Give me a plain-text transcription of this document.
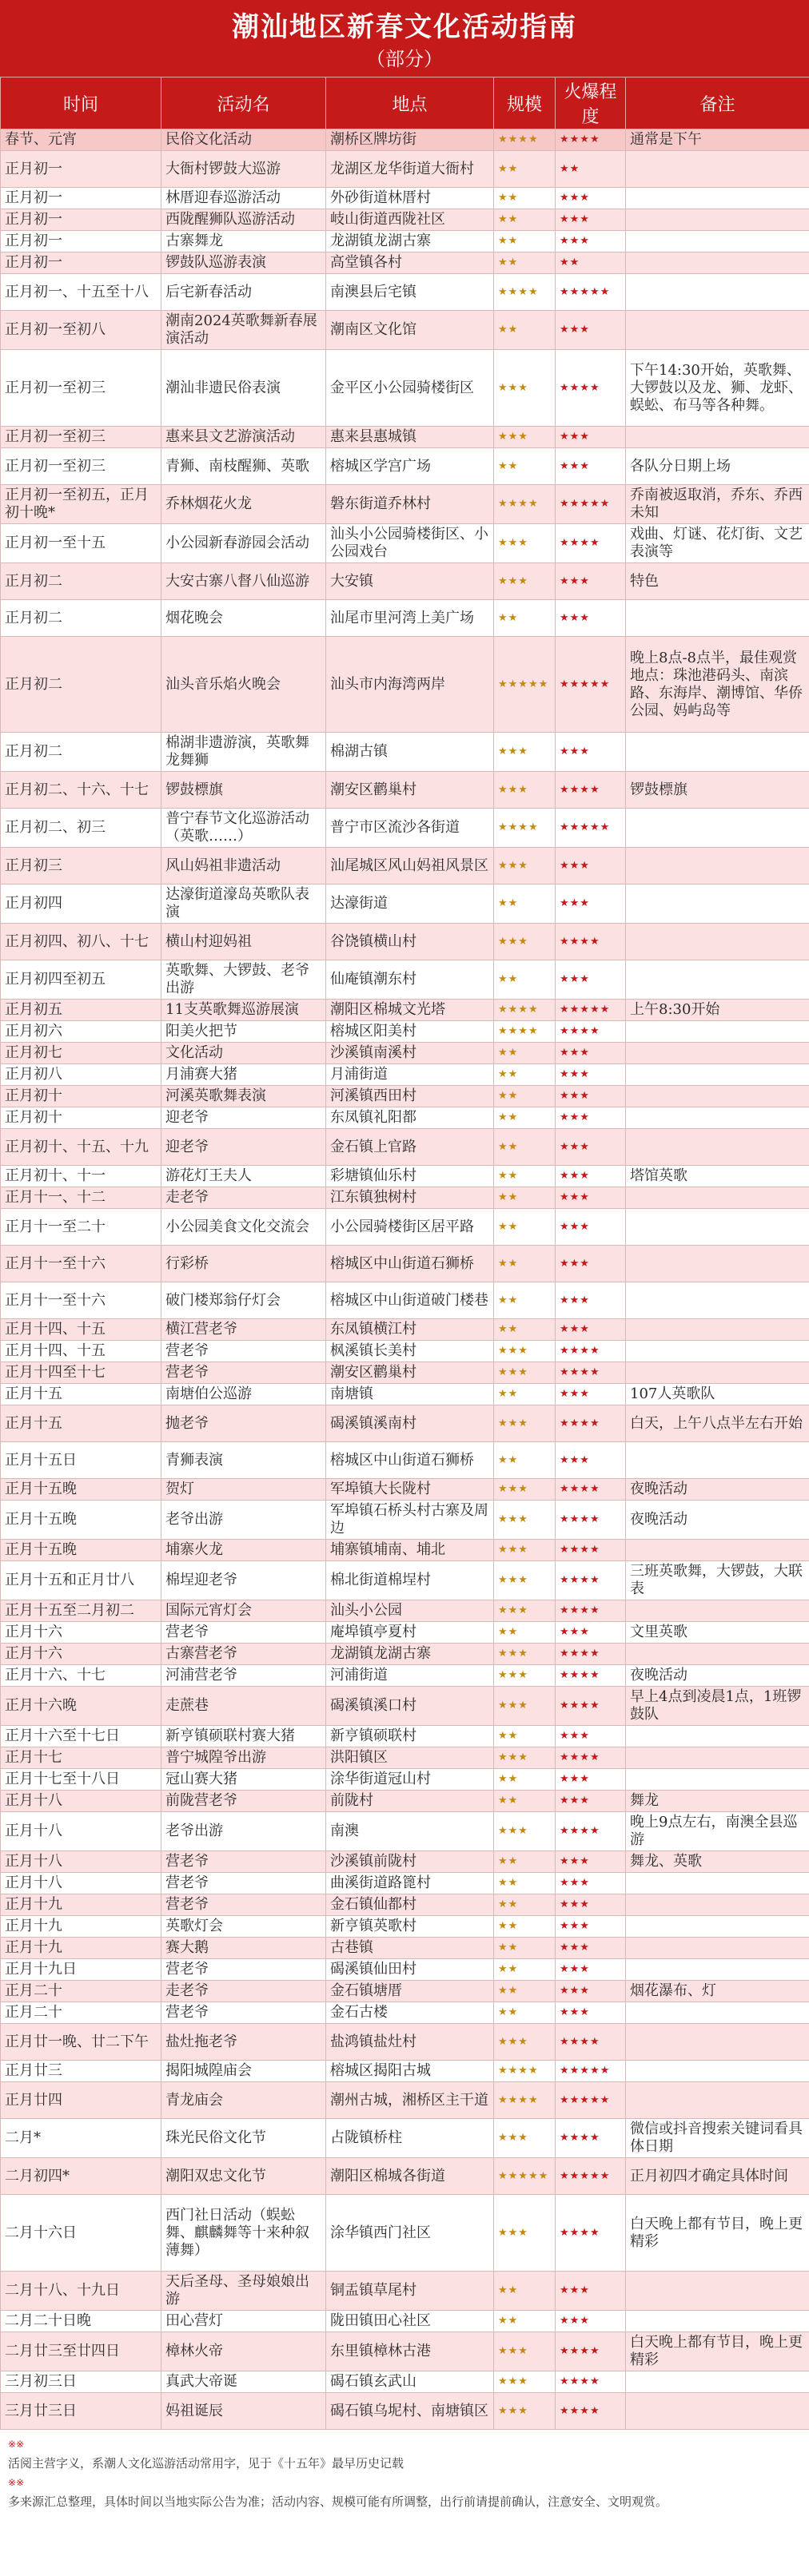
潮汕地区新春文化活动指南
（部分）
时间	活动名	地点	规模	火爆程度	备注
春节、元宵	民俗文化活动	潮桥区牌坊街	★★★★	★★★★	通常是下午
正月初一	大衙村锣鼓大巡游	龙湖区龙华街道大衙村	★★	★★	
正月初一	林厝迎春巡游活动	外砂街道林厝村	★★	★★★	
正月初一	西陇醒狮队巡游活动	岐山街道西陇社区	★★	★★★	
正月初一	古寨舞龙	龙湖镇龙湖古寨	★★	★★★	
正月初一	锣鼓队巡游表演	高堂镇各村	★★	★★	
正月初一、十五至十八	后宅新春活动	南澳县后宅镇	★★★★	★★★★★	
正月初一至初八	潮南2024英歌舞新春展演活动	潮南区文化馆	★★	★★★	
正月初一至初三	潮汕非遗民俗表演	金平区小公园骑楼街区	★★★	★★★★	下午14:30开始，英歌舞、大锣鼓以及龙、狮、龙虾、蜈蚣、布马等各种舞。
正月初一至初三	惠来县文艺游演活动	惠来县惠城镇	★★★	★★★	
正月初一至初三	青狮、南枝醒狮、英歌	榕城区学宫广场	★★	★★★	各队分日期上场
正月初一至初五，正月初十晚*	乔林烟花火龙	磐东街道乔林村	★★★★	★★★★★	乔南被返取消，乔东、乔西未知
正月初一至十五	小公园新春游园会活动	汕头小公园骑楼街区、小公园戏台	★★★	★★★★	戏曲、灯谜、花灯街、文艺表演等
正月初二	大安古寨八督八仙巡游	大安镇	★★★	★★★	特色
正月初二	烟花晚会	汕尾市里河湾上美广场	★★	★★★	
正月初二	汕头音乐焰火晚会	汕头市内海湾两岸	★★★★★	★★★★★	晚上8点-8点半，最佳观赏地点：珠池港码头、南滨路、东海岸、潮博馆、华侨公园、妈屿岛等
正月初二	棉湖非遗游演，英歌舞龙舞狮	棉湖古镇	★★★	★★★	
正月初二、十六、十七	锣鼓標旗	潮安区鹳巢村	★★★	★★★★	锣鼓標旗
正月初二、初三	普宁春节文化巡游活动（英歌……）	普宁市区流沙各街道	★★★★	★★★★★	
正月初三	风山妈祖非遗活动	汕尾城区风山妈祖风景区	★★★	★★★	
正月初四	达濠街道濠岛英歌队表演	达濠街道	★★	★★★	
正月初四、初八、十七	横山村迎妈祖	谷饶镇横山村	★★★	★★★★	
正月初四至初五	英歌舞、大锣鼓、老爷出游	仙庵镇潮东村	★★	★★★	
正月初五	11支英歌舞巡游展演	潮阳区棉城文光塔	★★★★	★★★★★	上午8:30开始
正月初六	阳美火把节	榕城区阳美村	★★★★	★★★★	
正月初七	文化活动	沙溪镇南溪村	★★	★★★	
正月初八	月浦赛大猪	月浦街道	★★	★★★	
正月初十	河溪英歌舞表演	河溪镇西田村	★★	★★★	
正月初十	迎老爷	东凤镇礼阳都	★★	★★★	
正月初十、十五、十九	迎老爷	金石镇上官路	★★	★★★	
正月初十、十一	游花灯王夫人	彩塘镇仙乐村	★★	★★★	塔馆英歌
正月十一、十二	走老爷	江东镇独树村	★★	★★★	
正月十一至二十	小公园美食文化交流会	小公园骑楼街区居平路	★★	★★★	
正月十一至十六	行彩桥	榕城区中山街道石狮桥	★★	★★★	
正月十一至十六	破门楼郑翁仔灯会	榕城区中山街道破门楼巷	★★	★★★	
正月十四、十五	横江营老爷	东凤镇横江村	★★	★★★	
正月十四、十五	营老爷	枫溪镇长美村	★★★	★★★★	
正月十四至十七	营老爷	潮安区鹳巢村	★★★	★★★★	
正月十五	南塘伯公巡游	南塘镇	★★	★★★	107人英歌队
正月十五	抛老爷	碣溪镇溪南村	★★★	★★★★	白天，上午八点半左右开始
正月十五日	青狮表演	榕城区中山街道石狮桥	★★	★★★	
正月十五晚	贺灯	军埠镇大长陇村	★★★	★★★★	夜晚活动
正月十五晚	老爷出游	军埠镇石桥头村古寨及周边	★★★	★★★★	夜晚活动
正月十五晚	埔寨火龙	埔寨镇埔南、埔北	★★★	★★★★	
正月十五和正月廿八	棉埕迎老爷	棉北街道棉埕村	★★★	★★★★	三班英歌舞，大锣鼓，大联表
正月十五至二月初二	国际元宵灯会	汕头小公园	★★★	★★★★	
正月十六	营老爷	庵埠镇亭夏村	★★	★★★	文里英歌
正月十六	古寨营老爷	龙湖镇龙湖古寨	★★★	★★★★	
正月十六、十七	河浦营老爷	河浦街道	★★★	★★★★	夜晚活动
正月十六晚	走蔗巷	碣溪镇溪口村	★★★	★★★★	早上4点到凌晨1点，1班锣鼓队
正月十六至十七日	新亨镇硕联村赛大猪	新亨镇硕联村	★★	★★★	
正月十七	普宁城隍爷出游	洪阳镇区	★★★	★★★★	
正月十七至十八日	冠山赛大猪	涂华街道冠山村	★★	★★★	
正月十八	前陇营老爷	前陇村	★★	★★★	舞龙
正月十八	老爷出游	南澳	★★★	★★★★	晚上9点左右，南澳全县巡游
正月十八	营老爷	沙溪镇前陇村	★★	★★★	舞龙、英歌
正月十八	营老爷	曲溪街道路篦村	★★	★★★	
正月十九	营老爷	金石镇仙都村	★★	★★★	
正月十九	英歌灯会	新亨镇英歌村	★★	★★★	
正月十九	赛大鹅	古巷镇	★★	★★★	
正月十九日	营老爷	碣溪镇仙田村	★★	★★★	
正月二十	走老爷	金石镇塘厝	★★	★★★	烟花瀑布、灯
正月二十	营老爷	金石古楼	★★	★★★	
正月廿一晚、廿二下午	盐灶拖老爷	盐鸿镇盐灶村	★★★	★★★★	
正月廿三	揭阳城隍庙会	榕城区揭阳古城	★★★★	★★★★★	
正月廿四	青龙庙会	潮州古城，湘桥区主干道	★★★★	★★★★★	
二月*	珠光民俗文化节	占陇镇桥柱	★★★	★★★★	微信或抖音搜索关键词看具体日期
二月初四*	潮阳双忠文化节	潮阳区棉城各街道	★★★★★	★★★★★	正月初四才确定具体时间
二月十六日	西门社日活动（蜈蚣舞、麒麟舞等十来种叙薄舞）	涂华镇西门社区	★★★	★★★★	白天晚上都有节目，晚上更精彩
二月十八、十九日	天后圣母、圣母娘娘出游	铜盂镇草尾村	★★	★★★	
二月二十日晚	田心营灯	陇田镇田心社区	★★	★★★	
二月廿三至廿四日	樟林火帝	东里镇樟林古港	★★★	★★★★	白天晚上都有节目，晚上更精彩
三月初三日	真武大帝诞	碣石镇玄武山	★★★	★★★★	
三月廿三日	妈祖诞辰	碣石镇乌坭村、南塘镇区	★★★	★★★★	
※※
活阅主营字义，系潮人文化巡游活动常用字，见于《十五年》最早历史记载
※※
多来源汇总整理，具体时间以当地实际公告为准；活动内容、规模可能有所调整，出行前请提前确认，注意安全、文明观赏。
